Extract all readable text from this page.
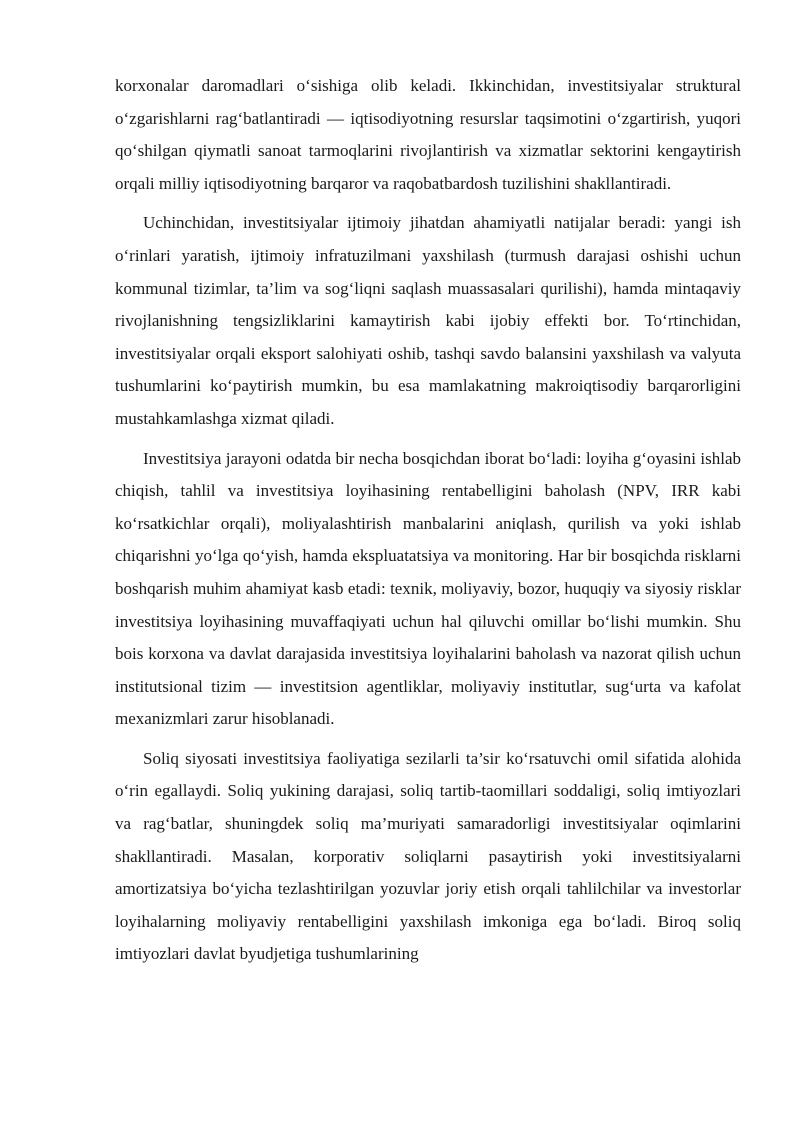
korxonalar daromadlari o‘sishiga olib keladi. Ikkinchidan, investitsiyalar struktural o‘zgarishlarni rag‘batlantiradi — iqtisodiyotning resurslar taqsimotini o‘zgartirish, yuqori qo‘shilgan qiymatli sanoat tarmoqlarini rivojlantirish va xizmatlar sektorini kengaytirish orqali milliy iqtisodiyotning barqaror va raqobatbardosh tuzilishini shakllantiradi.

Uchinchidan, investitsiyalar ijtimoiy jihatdan ahamiyatli natijalar beradi: yangi ish o‘rinlari yaratish, ijtimoiy infratuzilmani yaxshilash (turmush darajasi oshishi uchun kommunal tizimlar, ta’lim va sog‘liqni saqlash muassasalari qurilishi), hamda mintaqaviy rivojlanishning tengsizliklarini kamaytirish kabi ijobiy effekti bor. To‘rtinchidan, investitsiyalar orqali eksport salohiyati oshib, tashqi savdo balansini yaxshilash va valyuta tushumlarini ko‘paytirish mumkin, bu esa mamlakatning makroiqtisodiy barqarorligini mustahkamlashga xizmat qiladi.

Investitsiya jarayoni odatda bir necha bosqichdan iborat bo‘ladi: loyiha g‘oyasini ishlab chiqish, tahlil va investitsiya loyihasining rentabelligini baholash (NPV, IRR kabi ko‘rsatkichlar orqali), moliyalashtirish manbalarini aniqlash, qurilish va yoki ishlab chiqarishni yo‘lga qo‘yish, hamda ekspluatatsiya va monitoring. Har bir bosqichda risklarni boshqarish muhim ahamiyat kasb etadi: texnik, moliyaviy, bozor, huquqiy va siyosiy risklar investitsiya loyihasining muvaffaqiyati uchun hal qiluvchi omillar bo‘lishi mumkin. Shu bois korxona va davlat darajasida investitsiya loyihalarini baholash va nazorat qilish uchun institutsional tizim — investitsion agentliklar, moliyaviy institutlar, sug‘urta va kafolat mexanizmlari zarur hisoblanadi.

Soliq siyosati investitsiya faoliyatiga sezilarli ta’sir ko‘rsatuvchi omil sifatida alohida o‘rin egallaydi. Soliq yukining darajasi, soliq tartib-taomillari soddaligi, soliq imtiyozlari va rag‘batlar, shuningdek soliq ma’muriyati samaradorligi investitsiyalar oqimlarini shakllantiradi. Masalan, korporativ soliqlarni pasaytirish yoki investitsiyalarni amortizatsiya bo‘yicha tezlashtirilgan yozuvlar joriy etish orqali tahlilchilar va investorlar loyihalarning moliyaviy rentabelligini yaxshilash imkoniga ega bo‘ladi. Biroq soliq imtiyozlari davlat byudjetiga tushumlarining
